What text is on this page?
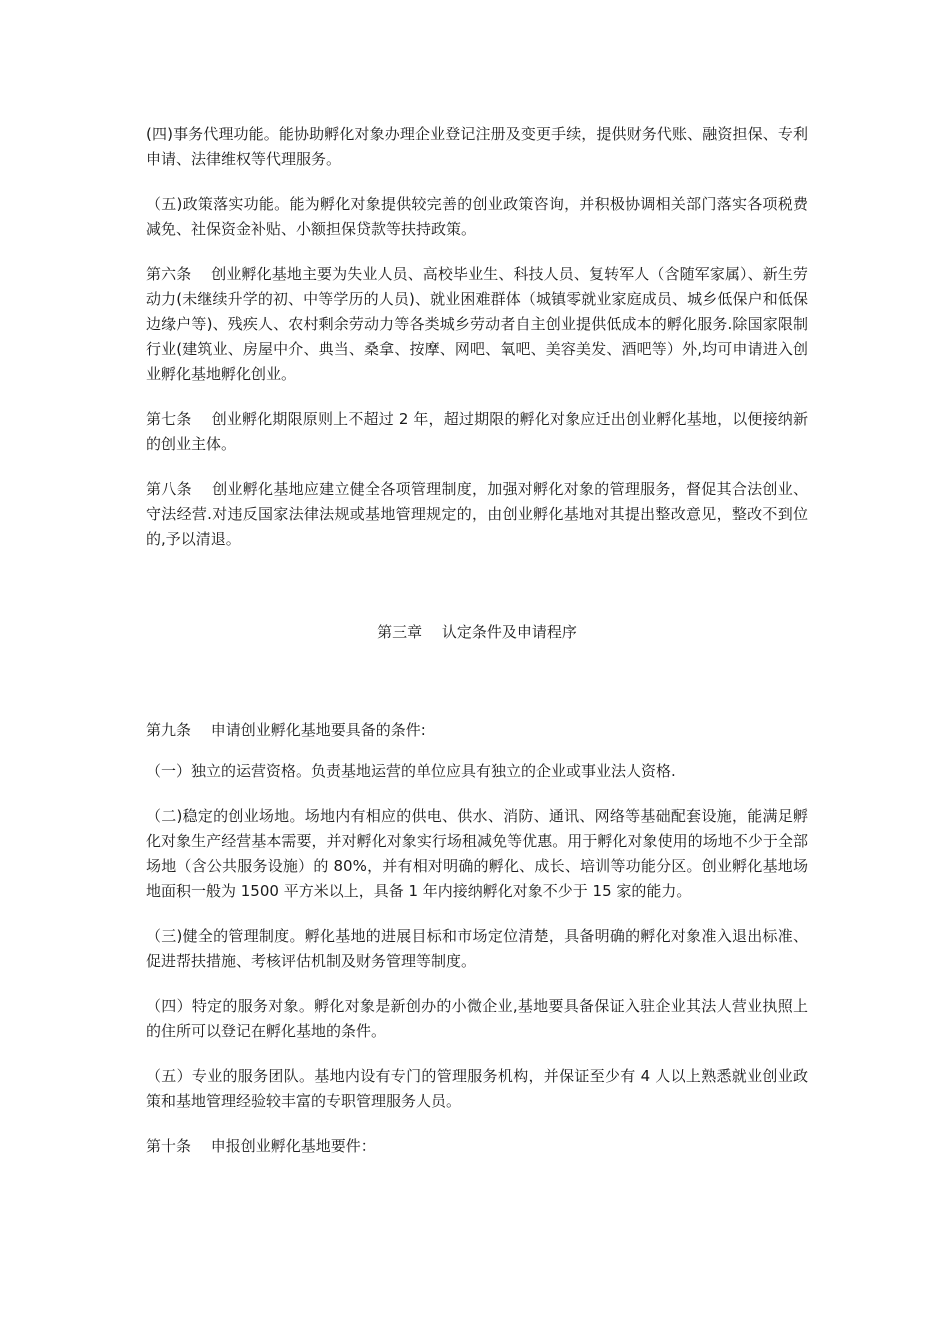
(四)事务代理功能。能协助孵化对象办理企业登记注册及变更手续，提供财务代账、融资担保、专利申请、法律维权等代理服务。

（五)政策落实功能。能为孵化对象提供较完善的创业政策咨询，并积极协调相关部门落实各项税费减免、社保资金补贴、小额担保贷款等扶持政策。

第六条　 创业孵化基地主要为失业人员、高校毕业生、科技人员、复转军人（含随军家属）、新生劳动力(未继续升学的初、中等学历的人员)、就业困难群体（城镇零就业家庭成员、城乡低保户和低保边缘户等)、残疾人、农村剩余劳动力等各类城乡劳动者自主创业提供低成本的孵化服务.除国家限制行业(建筑业、房屋中介、典当、桑拿、按摩、网吧、氧吧、美容美发、酒吧等）外,均可申请进入创业孵化基地孵化创业。

第七条　 创业孵化期限原则上不超过 2 年，超过期限的孵化对象应迁出创业孵化基地，以便接纳新的创业主体。

第八条　 创业孵化基地应建立健全各项管理制度，加强对孵化对象的管理服务，督促其合法创业、守法经营.对违反国家法律法规或基地管理规定的，由创业孵化基地对其提出整改意见，整改不到位的,予以清退。

第三章　 认定条件及申请程序

第九条　 申请创业孵化基地要具备的条件:

（一）独立的运营资格。负责基地运营的单位应具有独立的企业或事业法人资格.

（二)稳定的创业场地。场地内有相应的供电、供水、消防、通讯、网络等基础配套设施，能满足孵化对象生产经营基本需要，并对孵化对象实行场租减免等优惠。用于孵化对象使用的场地不少于全部场地（含公共服务设施）的 80%，并有相对明确的孵化、成长、培训等功能分区。创业孵化基地场地面积一般为 1500 平方米以上，具备 1 年内接纳孵化对象不少于 15 家的能力。

（三)健全的管理制度。孵化基地的进展目标和市场定位清楚，具备明确的孵化对象准入退出标准、促进帮扶措施、考核评估机制及财务管理等制度。

（四）特定的服务对象。孵化对象是新创办的小微企业,基地要具备保证入驻企业其法人营业执照上的住所可以登记在孵化基地的条件。

（五）专业的服务团队。基地内设有专门的管理服务机构，并保证至少有 4 人以上熟悉就业创业政策和基地管理经验较丰富的专职管理服务人员。

第十条　 申报创业孵化基地要件：
